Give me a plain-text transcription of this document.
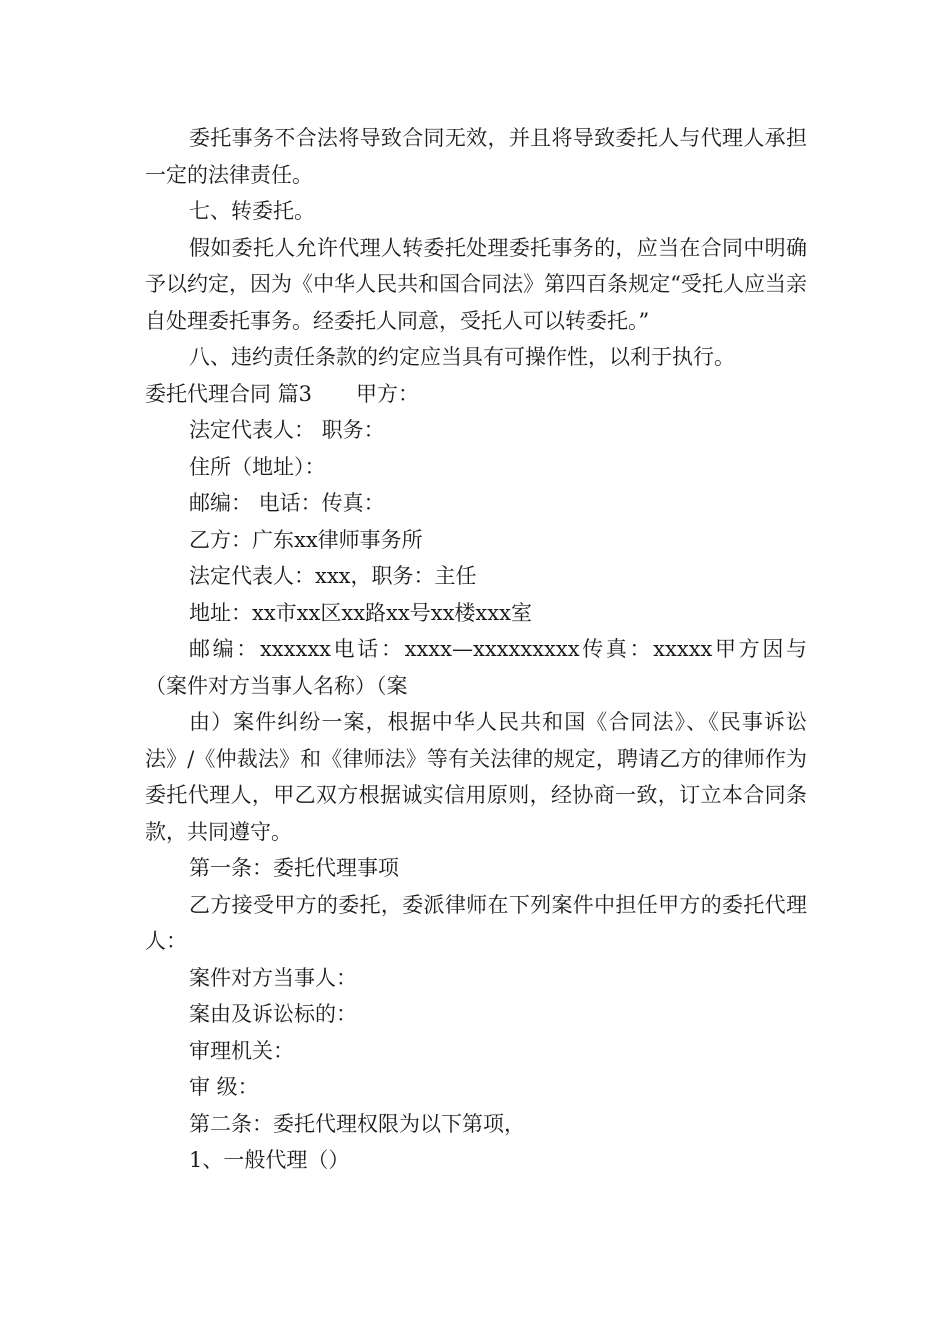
委托事务不合法将导致合同无效，并且将导致委托人与代理人承担一定的法律责任。

七、转委托。

假如委托人允许代理人转委托处理委托事务的，应当在合同中明确予以约定，因为《中华人民共和国合同法》第四百条规定“受托人应当亲自处理委托事务。经委托人同意，受托人可以转委托。”

八、违约责任条款的约定应当具有可操作性，以利于执行。

委托代理合同 篇3 甲方：

法定代表人： 职务：

住所（地址）：

邮编： 电话：传真：

乙方：广东xx律师事务所

法定代表人：xxx，职务：主任

地址：xx市xx区xx路xx号xx楼xxx室

邮编：xxxxxx电话：xxxx—xxxxxxxxx传真：xxxxx甲方因与（案件对方当事人名称）（案

由）案件纠纷一案，根据中华人民共和国《合同法》、《民事诉讼法》/《仲裁法》和《律师法》等有关法律的规定，聘请乙方的律师作为委托代理人，甲乙双方根据诚实信用原则，经协商一致，订立本合同条款，共同遵守。

第一条：委托代理事项

乙方接受甲方的委托，委派律师在下列案件中担任甲方的委托代理人：

案件对方当事人：

案由及诉讼标的：

审理机关：

审 级：

第二条：委托代理权限为以下第项，

1、一般代理（）
